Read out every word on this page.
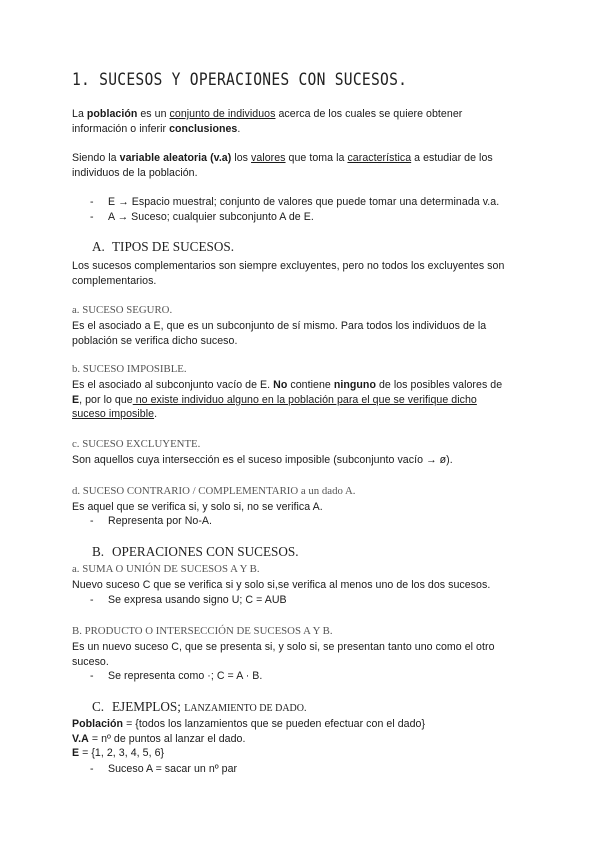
1. SUCESOS Y OPERACIONES CON SUCESOS.
La población es un conjunto de individuos acerca de los cuales se quiere obtener
información o inferir conclusiones.
Siendo la variable aleatoria (v.a) los valores que toma la característica a estudiar de los
individuos de la población.
- E → Espacio muestral; conjunto de valores que puede tomar una determinada v.a.
- A → Suceso; cualquier subconjunto A de E.
A. TIPOS DE SUCESOS.
Los sucesos complementarios son siempre excluyentes, pero no todos los excluyentes son
complementarios.
a. SUCESO SEGURO.
Es el asociado a E, que es un subconjunto de sí mismo. Para todos los individuos de la
población se verifica dicho suceso.
b. SUCESO IMPOSIBLE.
Es el asociado al subconjunto vacío de E. No contiene ninguno de los posibles valores de
E, por lo que no existe individuo alguno en la población para el que se verifique dicho
suceso imposible.
c. SUCESO EXCLUYENTE.
Son aquellos cuya intersección es el suceso imposible (subconjunto vacío → ø).
d. SUCESO CONTRARIO / COMPLEMENTARIO a un dado A.
Es aquel que se verifica si, y solo si, no se verifica A.
- Representa por No-A.
B. OPERACIONES CON SUCESOS.
a. SUMA O UNIÓN DE SUCESOS A Y B.
Nuevo suceso C que se verifica si y solo si,se verifica al menos uno de los dos sucesos.
- Se expresa usando signo U; C = AUB
B. PRODUCTO O INTERSECCIÓN DE SUCESOS A Y B.
Es un nuevo suceso C, que se presenta si, y solo si, se presentan tanto uno como el otro
suceso.
- Se representa como ·; C = A · B.
C. EJEMPLOS; LANZAMIENTO DE DADO.
Población = {todos los lanzamientos que se pueden efectuar con el dado}
V.A = nº de puntos al lanzar el dado.
E = {1, 2, 3, 4, 5, 6}
- Suceso A = sacar un nº par
